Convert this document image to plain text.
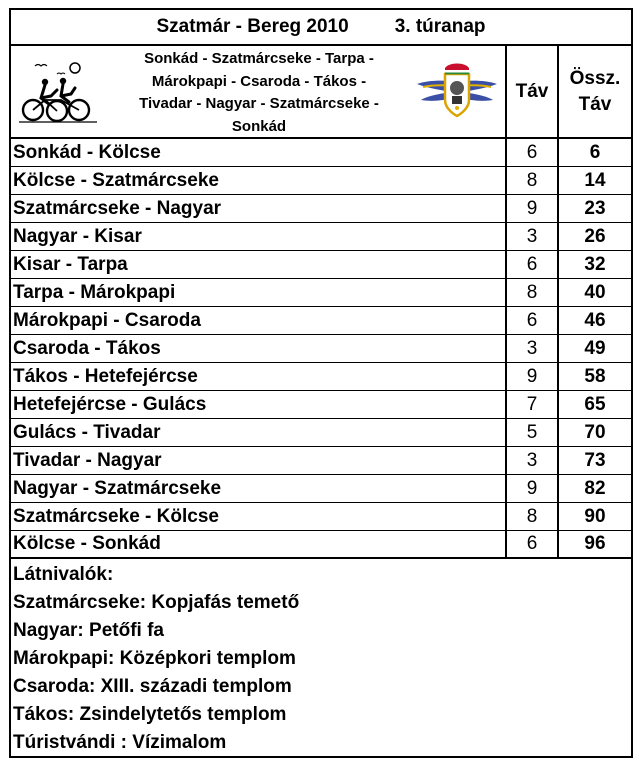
Szatmár - Bereg 2010 3. túranap
Sonkád - Szatmárcseke - Tarpa -
Márokpapi - Csaroda - Tákos -
Tivadar - Nagyar - Szatmárcseke -
Sonkád
Táv
Össz.
Táv
Sonkád - Kölcse	6	6
Kölcse - Szatmárcseke	8	14
Szatmárcseke - Nagyar	9	23
Nagyar - Kisar	3	26
Kisar - Tarpa	6	32
Tarpa - Márokpapi	8	40
Márokpapi - Csaroda	6	46
Csaroda - Tákos	3	49
Tákos - Hetefejércse	9	58
Hetefejércse - Gulács	7	65
Gulács - Tivadar	5	70
Tivadar - Nagyar	3	73
Nagyar - Szatmárcseke	9	82
Szatmárcseke - Kölcse	8	90
Kölcse - Sonkád	6	96
Látnivalók:
Szatmárcseke: Kopjafás temető
Nagyar: Petőfi fa
Márokpapi: Középkori templom
Csaroda: XIII. századi templom
Tákos: Zsindelytetős templom
Túristvándi : Vízimalom
